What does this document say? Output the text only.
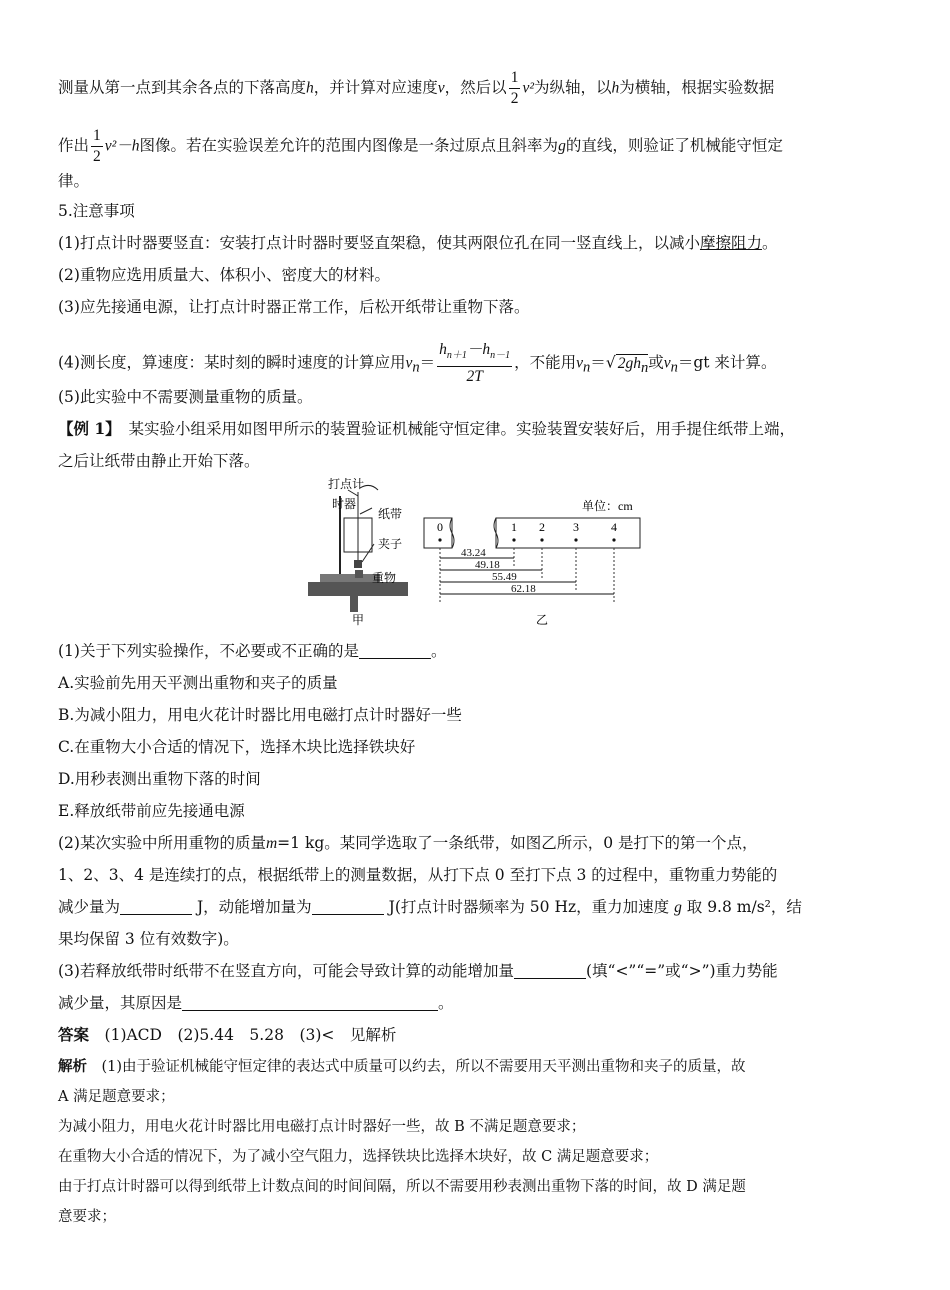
测量从第一点到其余各点的下落高度h，并计算对应速度v，然后以 $\frac{1}{2} v^2$为纵轴，以h为横轴，根据实验数据
作出 $\frac{1}{2} v^2-h$图像。若在实验误差允许的范围内图像是一条过原点且斜率为g的直线，则验证了机械能守恒定
律。
5.注意事项
(1)打点计时器要竖直：安装打点计时器时要竖直架稳，使其两限位孔在同一竖直线上，以减小摩擦阻力。
(2)重物应选用质量大、体积小、密度大的材料。
(3)应先接通电源，让打点计时器正常工作，后松开纸带让重物下落。
(4)测长度，算速度：某时刻的瞬时速度的计算应用$v_n= \frac{h_{n+1}-h_{n-1}}{2T}$ ，不能用$v_n=√$ $2gh_n$或$v_n=gt$ 来计算。
(5)此实验中不需要测量重物的质量。
【例 1】　 某实验小组采用如图甲所示的装置验证机械能守恒定律。实验装置安装好后，用手提住纸带上端，
之后让纸带由静止开始下落。
打点计
时器
纸带
夹子
重物
甲
单位：cm
0	1 2 3	4
43.24
49.18
55.49
62.18
乙
(1)关于下列实验操作，不必要或不正确的是	。
A.实验前先用天平测出重物和夹子的质量
B.为减小阻力，用电火花计时器比用电磁打点计时器好一些
C.在重物大小合适的情况下，选择木块比选择铁块好
D.用秒表测出重物下落的时间
E.释放纸带前应先接通电源
(2)某次实验中所用重物的质量m=1 kg。某同学选取了一条纸带，如图乙所示，0 是打下的第一个点，
1、2、3、4 是连续打的点，根据纸带上的测量数据，从打下点 0 至打下点 3 的过程中，重物重力势能的
减少量为	J，动能增加量为	J(打点计时器频率为 50 Hz，重力加速度 g 取 9.8 m/s²，结
果均保留 3 位有效数字)。
(3)若释放纸带时纸带不在竖直方向，可能会导致计算的动能增加量	(填“<”“=”或“>”)重力势能
减少量，其原因是	。
答案　 (1)ACD　(2)5.44　5.28　(3)<　见解析
解析　 (1)由于验证机械能守恒定律的表达式中质量可以约去，所以不需要用天平测出重物和夹子的质量，故
A 满足题意要求；
为减小阻力，用电火花计时器比用电磁打点计时器好一些，故 B 不满足题意要求；
在重物大小合适的情况下，为了减小空气阻力，选择铁块比选择木块好，故 C 满足题意要求；
由于打点计时器可以得到纸带上计数点间的时间间隔，所以不需要用秒表测出重物下落的时间，故 D 满足题
意要求；
